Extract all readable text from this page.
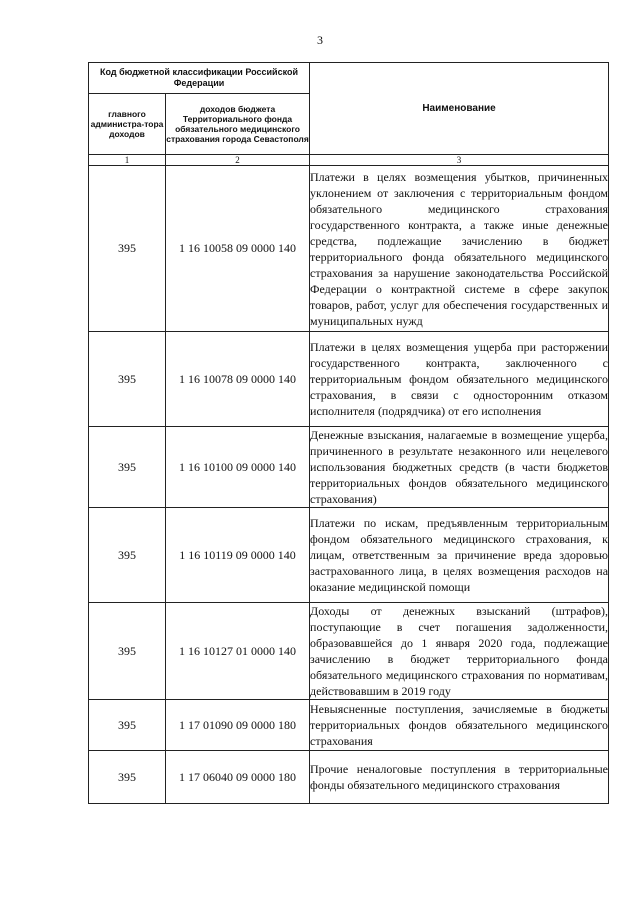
3
Код бюджетной классификации Российской Федерации		Наименование
главного администра-тора доходов	доходов бюджета Территориального фонда обязательного медицинского страхования города Севастополя	
1	2	3
395	1 16 10058 09 0000 140	Платежи в целях возмещения убытков, причиненных уклонением от заключения с территориальным фондом обязательного медицинского страхования государственного контракта, а также иные денежные средства, подлежащие зачислению в бюджет территориального фонда обязательного медицинского страхования за нарушение законодательства Российской Федерации о контрактной системе в сфере закупок товаров, работ, услуг для обеспечения государственных и муниципальных нужд
395	1 16 10078 09 0000 140	Платежи в целях возмещения ущерба при расторжении государственного контракта, заключенного с территориальным фондом обязательного медицинского страхования, в связи с односторонним отказом исполнителя (подрядчика) от его исполнения
395	1 16 10100 09 0000 140	Денежные взыскания, налагаемые в возмещение ущерба, причиненного в результате незаконного или нецелевого использования бюджетных средств (в части бюджетов территориальных фондов обязательного медицинского страхования)
395	1 16 10119 09 0000 140	Платежи по искам, предъявленным территориальным фондом обязательного медицинского страхования, к лицам, ответственным за причинение вреда здоровью застрахованного лица, в целях возмещения расходов на оказание медицинской помощи
395	1 16 10127 01 0000 140	Доходы от денежных взысканий (штрафов), поступающие в счет погашения задолженности, образовавшейся до 1 января 2020 года, подлежащие зачислению в бюджет территориального фонда обязательного медицинского страхования по нормативам, действовавшим в 2019 году
395	1 17 01090 09 0000 180	Невыясненные поступления, зачисляемые в бюджеты территориальных фондов обязательного медицинского страхования
395	1 17 06040 09 0000 180	Прочие неналоговые поступления в территориальные фонды обязательного медицинского страхования
